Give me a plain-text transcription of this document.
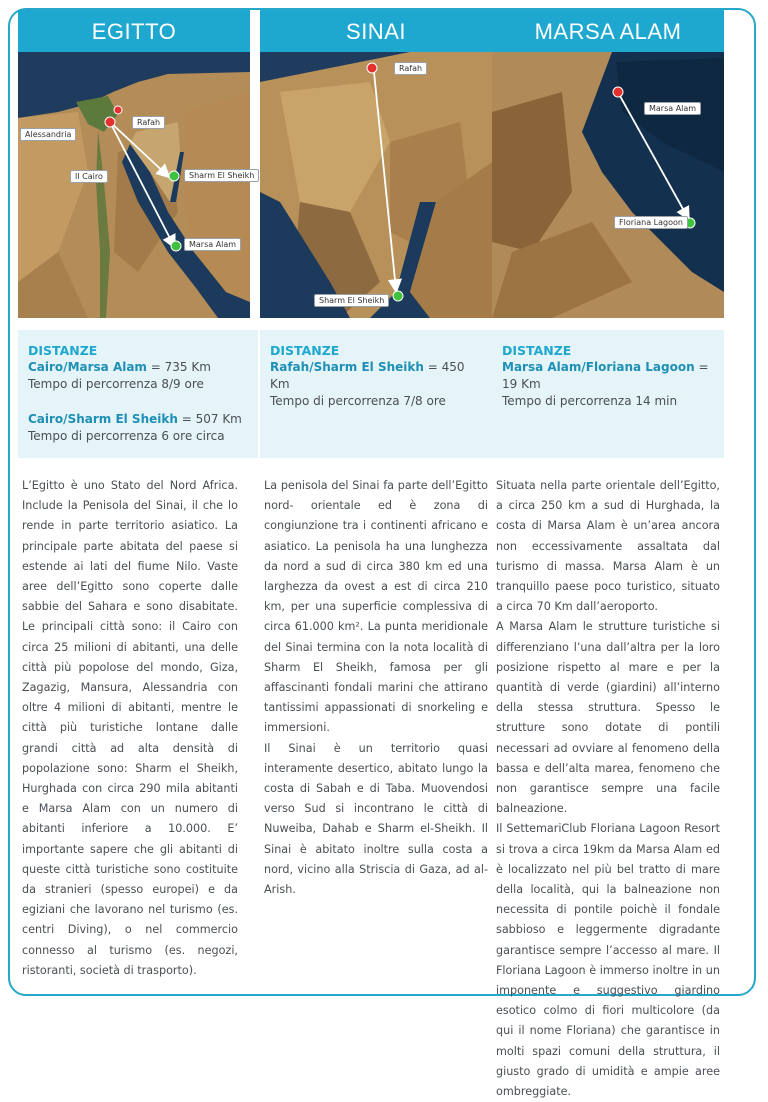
EGITTO
Rafah
Alessandria
Il Cairo	Sharm El Sheikh
Marsa Alam
DISTANZE
Cairo/Marsa Alam = 735 Km
Tempo di percorrenza 8/9 ore
Cairo/Sharm El Sheikh = 507 Km
Tempo di percorrenza 6 ore circa

L’Egitto è uno Stato del Nord Africa. Include la Penisola del Sinai, il che lo rende in parte territorio asiatico. La principale parte abitata del paese si estende ai lati del fiume Nilo. Vaste aree dell’Egitto sono coperte dalle sabbie del Sahara e sono disabitate. Le principali città sono: il Cairo con circa 25 milioni di abitanti, una delle città più popolose del mondo, Giza, Zagazig, Mansura, Alessandria con oltre 4 milioni di abitanti, mentre le città più turistiche lontane dalle grandi città ad alta densità di popolazione sono: Sharm el Sheikh, Hurghada con circa 290 mila abitanti e Marsa Alam con un numero di abitanti inferiore a 10.000. E’ importante sapere che gli abitanti di queste città turistiche sono costituite da stranieri (spesso europei) e da egiziani che lavorano nel turismo (es. centri Diving), o nel commercio connesso al turismo (es. negozi, ristoranti, società di trasporto).

SINAI
Rafah
Sharm El Sheikh
DISTANZE
Rafah/Sharm El Sheikh = 450 Km
Tempo di percorrenza 7/8 ore

La penisola del Sinai fa parte dell’Egitto nord- orientale ed è zona di congiunzione tra i continenti africano e asiatico. La penisola ha una lunghezza da nord a sud di circa 380 km ed una larghezza da ovest a est di circa 210 km, per una superficie complessiva di circa 61.000 km². La punta meridionale del Sinai termina con la nota località di Sharm El Sheikh, famosa per gli affascinanti fondali marini che attirano tantissimi appassionati di snorkeling e immersioni.

Il Sinai è un territorio quasi interamente desertico, abitato lungo la costa di Sabah e di Taba. Muovendosi verso Sud si incontrano le città di Nuweiba, Dahab e Sharm el-Sheikh. Il Sinai è abitato inoltre sulla costa a nord, vicino alla Striscia di Gaza, ad al-Arish.

MARSA ALAM
Marsa Alam
Floriana Lagoon
DISTANZE
Marsa Alam/Floriana Lagoon = 19 Km
Tempo di percorrenza 14 min

Situata nella parte orientale dell’Egitto, a circa 250 km a sud di Hurghada, la costa di Marsa Alam è un’area ancora non eccessivamente assaltata dal turismo di massa. Marsa Alam è un tranquillo paese poco turistico, situato a circa 70 Km dall’aeroporto.

A Marsa Alam le strutture turistiche si differenziano l’una dall’altra per la loro posizione rispetto al mare e per la quantità di verde (giardini) all’interno della stessa struttura. Spesso le strutture sono dotate di pontili necessari ad ovviare al fenomeno della bassa e dell’alta marea, fenomeno che non garantisce sempre una facile balneazione.

Il SettemariClub Floriana Lagoon Resort si trova a circa 19km da Marsa Alam ed è localizzato nel più bel tratto di mare della località, qui la balneazione non necessita di pontile poichè il fondale sabbioso e leggermente digradante garantisce sempre l’accesso al mare. Il Floriana Lagoon è immerso inoltre in un imponente e suggestivo giardino esotico colmo di fiori multicolore (da qui il nome Floriana) che garantisce in molti spazi comuni della struttura, il giusto grado di umidità e ampie aree ombreggiate.
